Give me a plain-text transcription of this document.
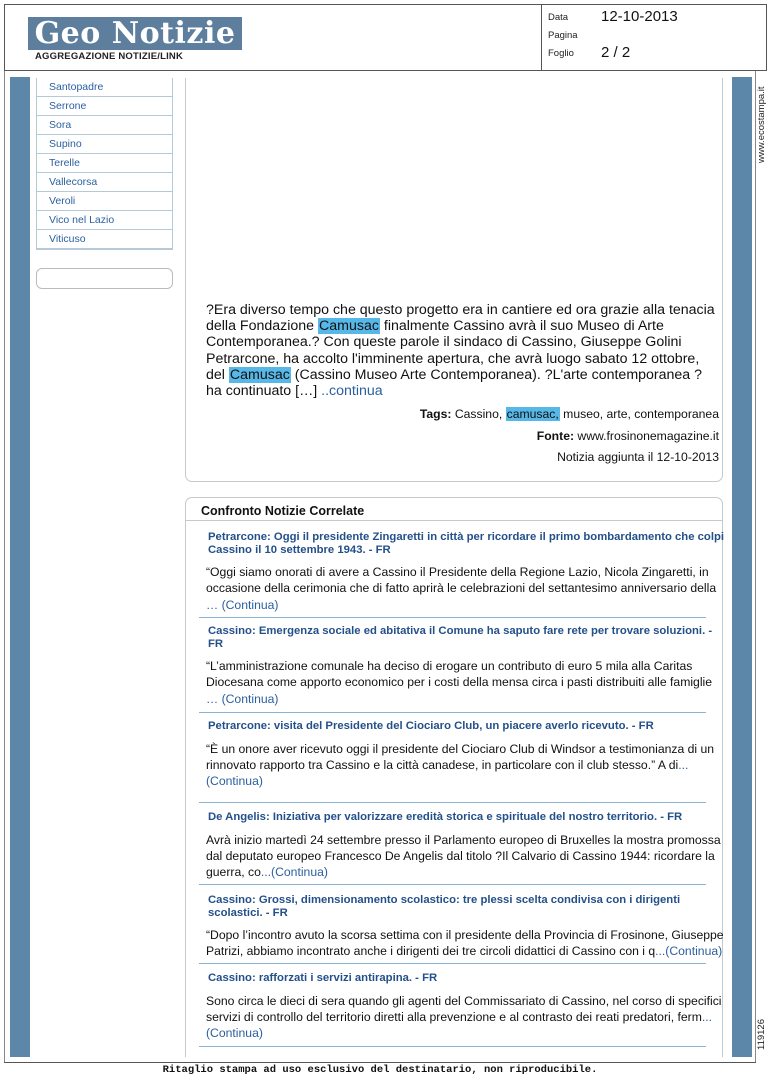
Geo Notizie
AGGREGAZIONE NOTIZIE/LINK
Data 12-10-2013
Pagina
Foglio 2 / 2
www.ecostampa.it
119126
Santopadre
Serrone
Sora
Supino
Terelle
Vallecorsa
Veroli
Vico nel Lazio
Viticuso
?Era diverso tempo che questo progetto era in cantiere ed ora grazie alla tenacia della Fondazione Camusac finalmente Cassino avrà il suo Museo di Arte Contemporanea.? Con queste parole il sindaco di Cassino, Giuseppe Golini Petrarcone, ha accolto l'imminente apertura, che avrà luogo sabato 12 ottobre, del Camusac (Cassino Museo Arte Contemporanea). ?L'arte contemporanea ? ha continuato […] ..continua
Tags: Cassino, camusac, museo, arte, contemporanea
Fonte: www.frosinonemagazine.it
Notizia aggiunta il 12-10-2013
Confronto Notizie Correlate
Petrarcone: Oggi il presidente Zingaretti in città per ricordare il primo bombardamento che colpi Cassino il 10 settembre 1943. - FR
“Oggi siamo onorati di avere a Cassino il Presidente della Regione Lazio, Nicola Zingaretti, in occasione della cerimonia che di fatto aprirà le celebrazioni del settantesimo anniversario della … (Continua)
Cassino: Emergenza sociale ed abitativa il Comune ha saputo fare rete per trovare soluzioni. - FR
“L’amministrazione comunale ha deciso di erogare un contributo di euro 5 mila alla Caritas Diocesana come apporto economico per i costi della mensa circa i pasti distribuiti alle famiglie … (Continua)
Petrarcone: visita del Presidente del Ciociaro Club, un piacere averlo ricevuto. - FR
“È un onore aver ricevuto oggi il presidente del Ciociaro Club di Windsor a testimonianza di un rinnovato rapporto tra Cassino e la città canadese, in particolare con il club stesso.” A di... (Continua)
De Angelis: Iniziativa per valorizzare eredità storica e spirituale del nostro territorio. - FR
Avrà inizio martedì 24 settembre presso il Parlamento europeo di Bruxelles la mostra promossa dal deputato europeo Francesco De Angelis dal titolo ?Il Calvario di Cassino 1944: ricordare la guerra, co...(Continua)
Cassino: Grossi, dimensionamento scolastico: tre plessi scelta condivisa con i dirigenti scolastici. - FR
“Dopo l’incontro avuto la scorsa settima con il presidente della Provincia di Frosinone, Giuseppe Patrizi, abbiamo incontrato anche i dirigenti dei tre circoli didattici di Cassino con i q...(Continua)
Cassino: rafforzati i servizi antirapina. - FR
Sono circa le dieci di sera quando gli agenti del Commissariato di Cassino, nel corso di specifici servizi di controllo del territorio diretti alla prevenzione e al contrasto dei reati predatori, ferm...(Continua)
Ritaglio stampa ad uso esclusivo del destinatario, non riproducibile.
